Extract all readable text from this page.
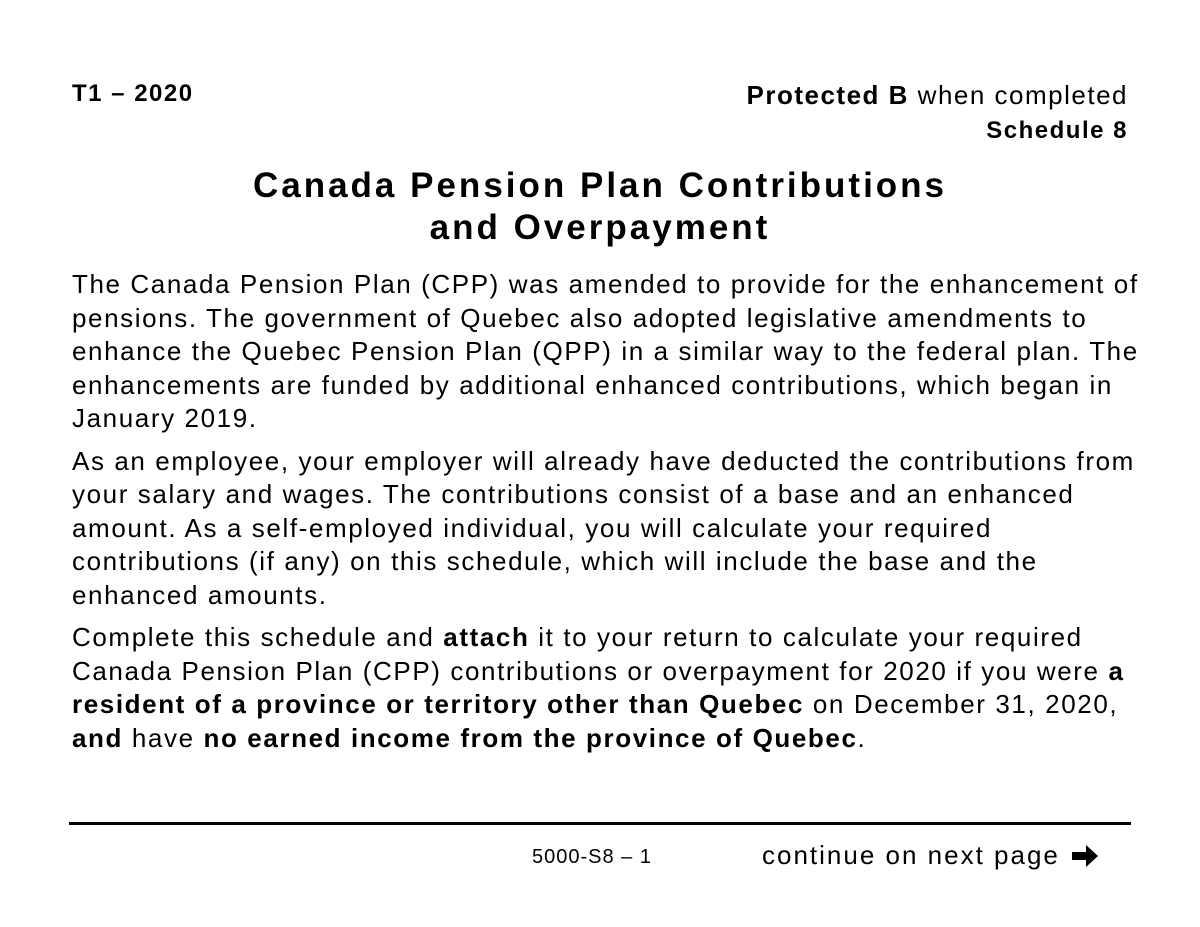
T1 – 2020	Protected B when completed
Schedule 8
Canada Pension Plan Contributions
and Overpayment

The Canada Pension Plan (CPP) was amended to provide for the enhancement of pensions. The government of Quebec also adopted legislative amendments to enhance the Quebec Pension Plan (QPP) in a similar way to the federal plan. The enhancements are funded by additional enhanced contributions, which began in January 2019.

As an employee, your employer will already have deducted the contributions from your salary and wages. The contributions consist of a base and an enhanced amount. As a self-employed individual, you will calculate your required contributions (if any) on this schedule, which will include the base and the enhanced amounts.

Complete this schedule and attach it to your return to calculate your required Canada Pension Plan (CPP) contributions or overpayment for 2020 if you were a resident of a province or territory other than Quebec on December 31, 2020, and have no earned income from the province of Quebec.

5000-S8 – 1	continue on next page
